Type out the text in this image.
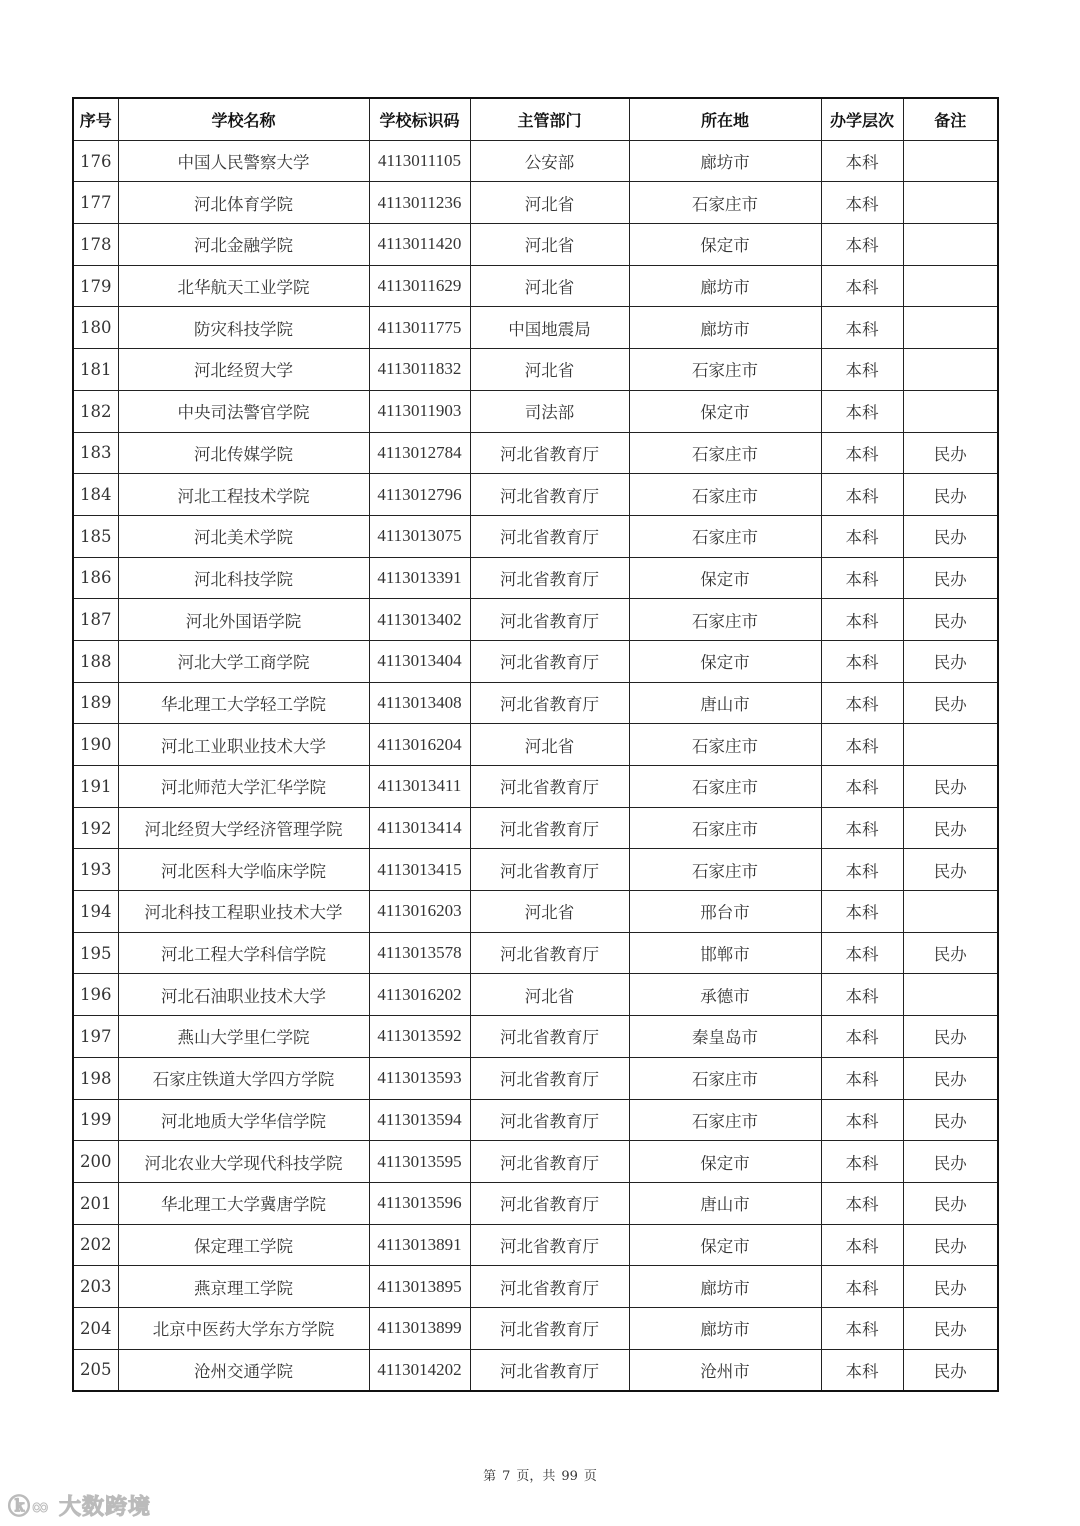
序号	学校名称	学校标识码	主管部门	所在地	办学层次	备注
176	中国人民警察大学	4113011105	公安部	廊坊市	本科	
177	河北体育学院	4113011236	河北省	石家庄市	本科	
178	河北金融学院	4113011420	河北省	保定市	本科	
179	北华航天工业学院	4113011629	河北省	廊坊市	本科	
180	防灾科技学院	4113011775	中国地震局	廊坊市	本科	
181	河北经贸大学	4113011832	河北省	石家庄市	本科	
182	中央司法警官学院	4113011903	司法部	保定市	本科	
183	河北传媒学院	4113012784	河北省教育厅	石家庄市	本科	民办
184	河北工程技术学院	4113012796	河北省教育厅	石家庄市	本科	民办
185	河北美术学院	4113013075	河北省教育厅	石家庄市	本科	民办
186	河北科技学院	4113013391	河北省教育厅	保定市	本科	民办
187	河北外国语学院	4113013402	河北省教育厅	石家庄市	本科	民办
188	河北大学工商学院	4113013404	河北省教育厅	保定市	本科	民办
189	华北理工大学轻工学院	4113013408	河北省教育厅	唐山市	本科	民办
190	河北工业职业技术大学	4113016204	河北省	石家庄市	本科	
191	河北师范大学汇华学院	4113013411	河北省教育厅	石家庄市	本科	民办
192	河北经贸大学经济管理学院	4113013414	河北省教育厅	石家庄市	本科	民办
193	河北医科大学临床学院	4113013415	河北省教育厅	石家庄市	本科	民办
194	河北科技工程职业技术大学	4113016203	河北省	邢台市	本科	
195	河北工程大学科信学院	4113013578	河北省教育厅	邯郸市	本科	民办
196	河北石油职业技术大学	4113016202	河北省	承德市	本科	
197	燕山大学里仁学院	4113013592	河北省教育厅	秦皇岛市	本科	民办
198	石家庄铁道大学四方学院	4113013593	河北省教育厅	石家庄市	本科	民办
199	河北地质大学华信学院	4113013594	河北省教育厅	石家庄市	本科	民办
200	河北农业大学现代科技学院	4113013595	河北省教育厅	保定市	本科	民办
201	华北理工大学冀唐学院	4113013596	河北省教育厅	唐山市	本科	民办
202	保定理工学院	4113013891	河北省教育厅	保定市	本科	民办
203	燕京理工学院	4113013895	河北省教育厅	廊坊市	本科	民办
204	北京中医药大学东方学院	4113013899	河北省教育厅	廊坊市	本科	民办
205	沧州交通学院	4113014202	河北省教育厅	沧州市	本科	民办
第 7 页，共 99 页
ⓚ∞ 大数跨境
